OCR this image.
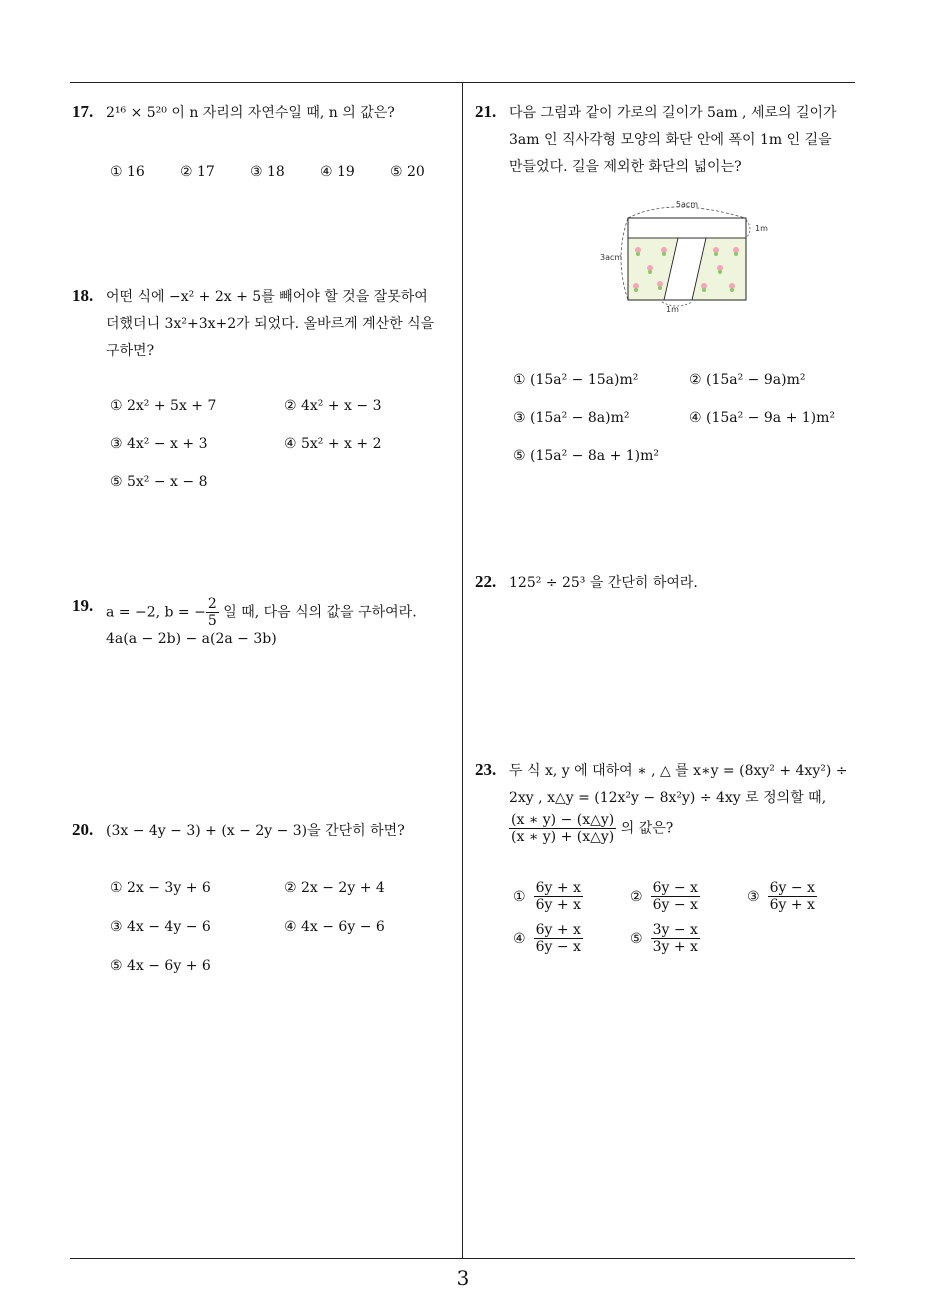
17. 2¹⁶ × 5²⁰ 이 n 자리의 자연수일 때, n 의 값은?
① 16	② 17	③ 18	④ 19	⑤ 20
18. 어떤 식에 −x² + 2x + 5를 빼어야 할 것을 잘못하여
더했더니 3x²+3x+2가 되었다. 올바르게 계산한 식을
구하면?
① 2x² + 5x + 7	② 4x² + x − 3
③ 4x² − x + 3	④ 5x² + x + 2
⑤ 5x² − x − 8
19. a = −2, b = − $\frac{2}{5}$ 일 때, 다음 식의 값을 구하여라.
4a(a − 2b) − a(2a − 3b)
20. (3x − 4y − 3) + (x − 2y − 3)을 간단히 하면?
① 2x − 3y + 6	② 2x − 2y + 4
③ 4x − 4y − 6	④ 4x − 6y − 6
⑤ 4x − 6y + 6
21. 다음 그림과 같이 가로의 길이가 5am , 세로의 길이가
3am 인 직사각형 모양의 화단 안에 폭이 1m 인 길을
만들었다. 길을 제외한 화단의 넓이는?
5acm
3acm
1m
1m
① (15a² − 15a)m²	② (15a² − 9a)m²
③ (15a² − 8a)m²	④ (15a² − 9a + 1)m²
⑤ (15a² − 8a + 1)m²
22. 125² ÷ 25³ 을 간단히 하여라.
23. 두 식 x, y 에 대하여 ∗ , △ 를 x∗y = (8xy² + 4xy²) ÷
2xy , x△y = (12x²y − 8x²y) ÷ 4xy 로 정의할 때,
$\frac{(x ∗ y) - (x\triangle y)}{(x ∗ y) + (x\triangle y)}$ 의 값은?
① $\frac{6y + x}{6y + x}$	② $\frac{6y - x}{6y - x}$	③ $\frac{6y - x}{6y + x}$
④ $\frac{6y + x}{6y - x}$	⑤ $\frac{3y - x}{3y + x}$
3
